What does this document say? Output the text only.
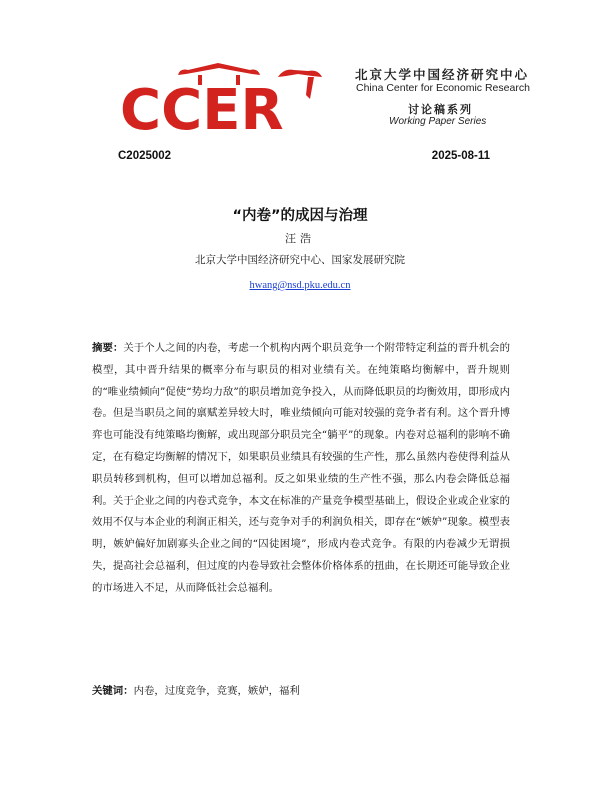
CCER
北京大学中国经济研究中心
China Center for Economic Research
讨论稿系列
Working Paper Series
C2025002	2025-08-11
“内卷”的成因与治理
汪浩
北京大学中国经济研究中心、国家发展研究院
hwang@nsd.pku.edu.cn
摘要：关于个人之间的内卷，考虑一个机构内两个职员竞争一个附带特定利益的晋升机会的模型，其中晋升结果的概率分布与职员的相对业绩有关。在纯策略均衡解中，晋升规则的“唯业绩倾向”促使“势均力敌”的职员增加竞争投入，从而降低职员的均衡效用，即形成内卷。但是当职员之间的禀赋差异较大时，唯业绩倾向可能对较强的竞争者有利。这个晋升博弈也可能没有纯策略均衡解，或出现部分职员完全“躺平”的现象。内卷对总福利的影响不确定，在有稳定均衡解的情况下，如果职员业绩具有较强的生产性，那么虽然内卷使得利益从职员转移到机构，但可以增加总福利。反之如果业绩的生产性不强，那么内卷会降低总福利。关于企业之间的内卷式竞争，本文在标准的产量竞争模型基础上，假设企业或企业家的效用不仅与本企业的利润正相关，还与竞争对手的利润负相关，即存在“嫉妒”现象。模型表明，嫉妒偏好加剧寡头企业之间的“囚徒困境”，形成内卷式竞争。有限的内卷减少无谓损失，提高社会总福利，但过度的内卷导致社会整体价格体系的扭曲，在长期还可能导致企业的市场进入不足，从而降低社会总福利。
关键词：内卷，过度竞争，竞赛，嫉妒，福利
